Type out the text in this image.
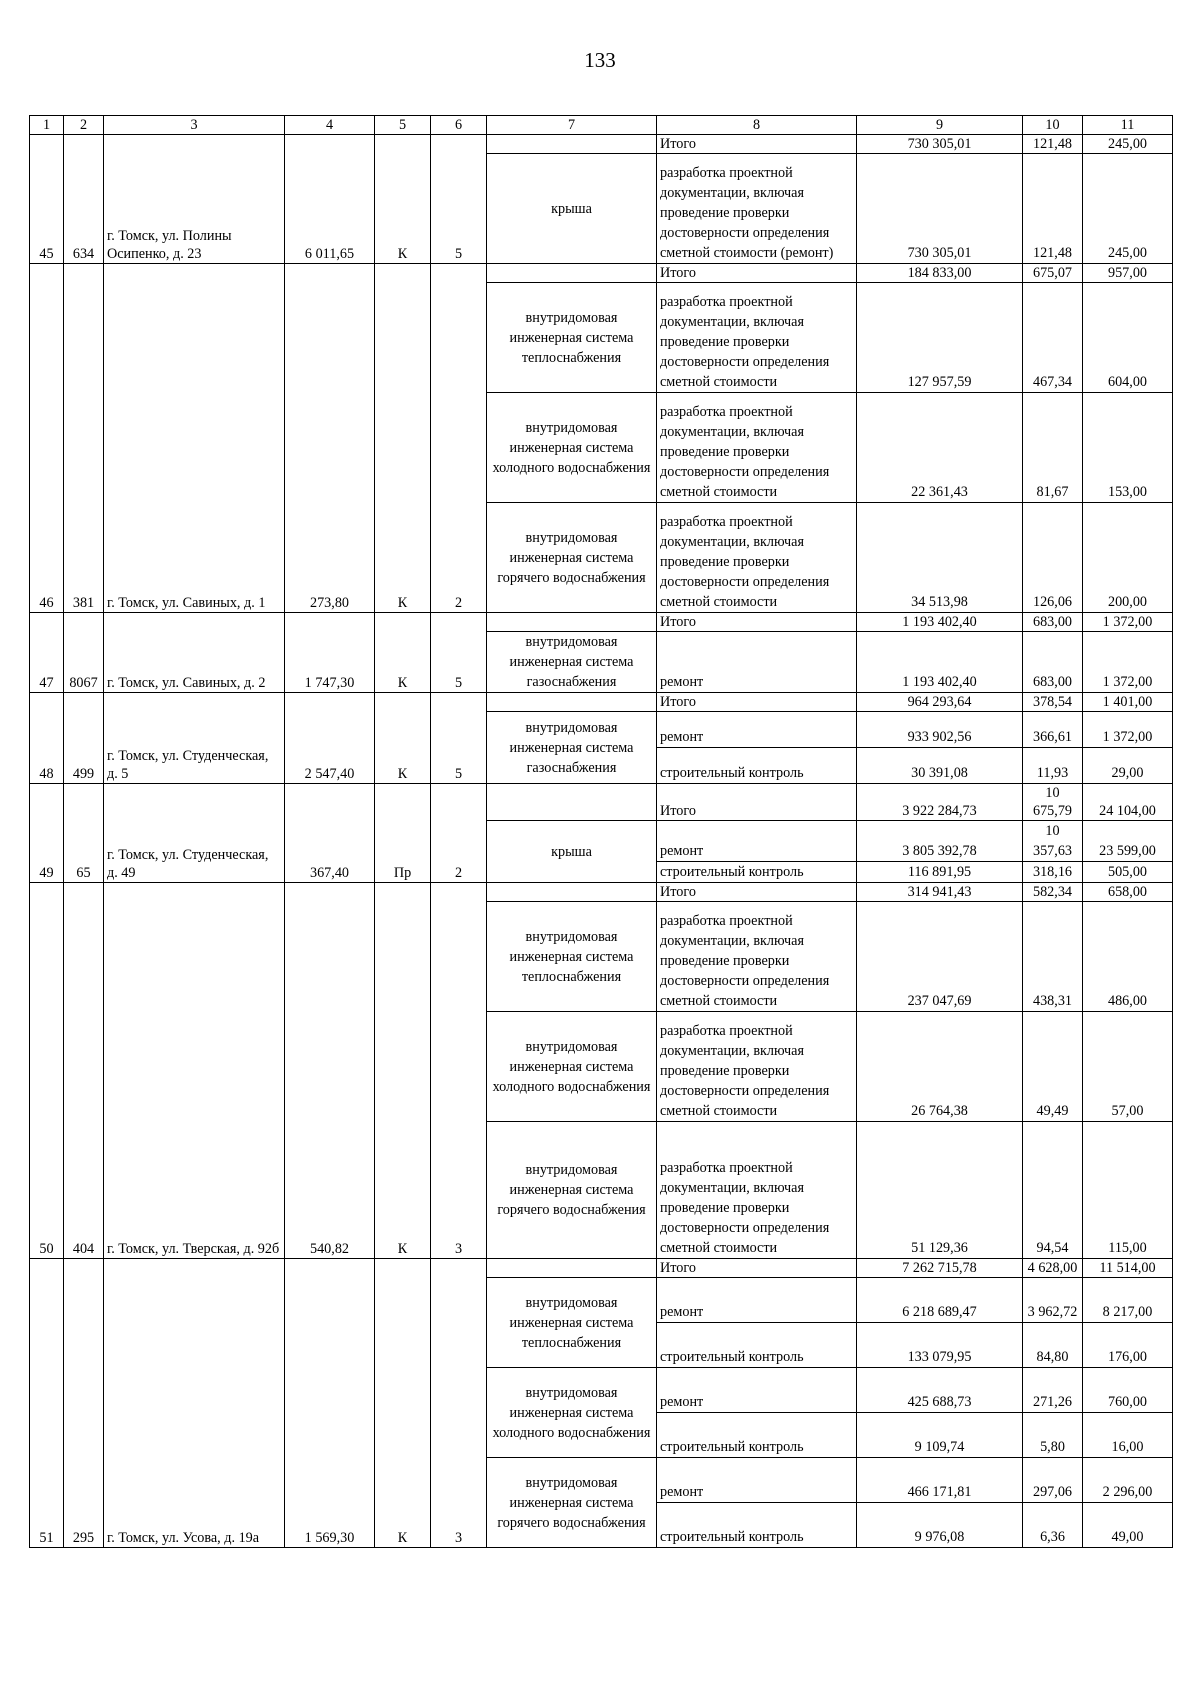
133
1	2	3	4	5	6	7	8	9	10	11
45	634	г. Томск, ул. Полины Осипенко, д. 23	6 011,65	К	5		Итого	730 305,01	121,48	245,00
						крыша	разработка проектной документации, включая проведение проверки достоверности определения сметной стоимости (ремонт)	730 305,01	121,48	245,00
46	381	г. Томск, ул. Савиных, д. 1	273,80	К	2		Итого	184 833,00	675,07	957,00
						внутридомовая инженерная система теплоснабжения	разработка проектной документации, включая проведение проверки достоверности определения сметной стоимости	127 957,59	467,34	604,00
						внутридомовая инженерная система холодного водоснабжения	разработка проектной документации, включая проведение проверки достоверности определения сметной стоимости	22 361,43	81,67	153,00
						внутридомовая инженерная система горячего водоснабжения	разработка проектной документации, включая проведение проверки достоверности определения сметной стоимости	34 513,98	126,06	200,00
47	8067	г. Томск, ул. Савиных, д. 2	1 747,30	К	5		Итого	1 193 402,40	683,00	1 372,00
						внутридомовая инженерная система газоснабжения	ремонт	1 193 402,40	683,00	1 372,00
48	499	г. Томск, ул. Студенческая, д. 5	2 547,40	К	5		Итого	964 293,64	378,54	1 401,00
						внутридомовая инженерная система газоснабжения	ремонт	933 902,56	366,61	1 372,00
							строительный контроль	30 391,08	11,93	29,00
49	65	г. Томск, ул. Студенческая, д. 49	367,40	Пр	2		Итого	3 922 284,73	10 675,79	24 104,00
						крыша	ремонт	3 805 392,78	10 357,63	23 599,00
							строительный контроль	116 891,95	318,16	505,00
50	404	г. Томск, ул. Тверская, д. 92б	540,82	К	3		Итого	314 941,43	582,34	658,00
						внутридомовая инженерная система теплоснабжения	разработка проектной документации, включая проведение проверки достоверности определения сметной стоимости	237 047,69	438,31	486,00
						внутридомовая инженерная система холодного водоснабжения	разработка проектной документации, включая проведение проверки достоверности определения сметной стоимости	26 764,38	49,49	57,00
						внутридомовая инженерная система горячего водоснабжения	разработка проектной документации, включая проведение проверки достоверности определения сметной стоимости	51 129,36	94,54	115,00
51	295	г. Томск, ул. Усова, д. 19а	1 569,30	К	3		Итого	7 262 715,78	4 628,00	11 514,00
						внутридомовая инженерная система теплоснабжения	ремонт	6 218 689,47	3 962,72	8 217,00
							строительный контроль	133 079,95	84,80	176,00
						внутридомовая инженерная система холодного водоснабжения	ремонт	425 688,73	271,26	760,00
							строительный контроль	9 109,74	5,80	16,00
						внутридомовая инженерная система горячего водоснабжения	ремонт	466 171,81	297,06	2 296,00
							строительный контроль	9 976,08	6,36	49,00
